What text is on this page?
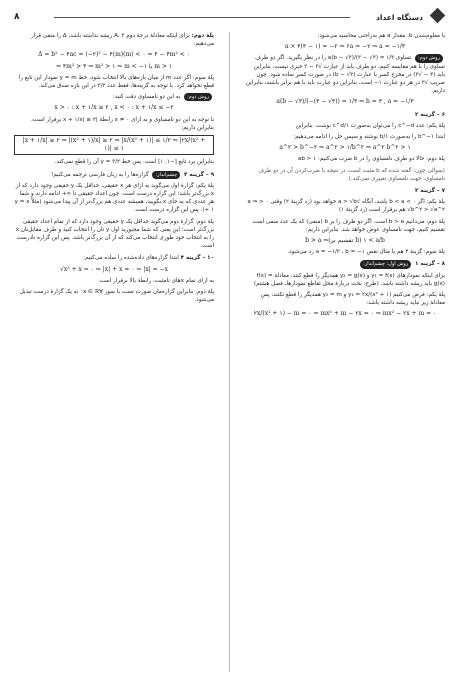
۸	دستگاه اعداد

با معلوم‌شدن b، مقدار a هم به‌راحتی محاسبه می‌شود:

a × ۳(۳ − ۱) = −۲ ⇒ ۶a = −۲ ⇒ a = −۱/۳

روش دوم: تساوی a(b − √۳)/(۳ − √۳) = ۱/۳ را در نظر بگیرید. اگر دو طرف تساوی را با هم مقایسه کنیم، دو طرف باید از عبارت √۳ − ۳ خبری نیست، بنابراین باید (۳ − √۳) در مخرج کسر با عبارت (b − √۳) در صورت کسر ساده شود. چون ضریب √۳ در هر دو عبارت ۱− است، بنابراین دو عبارت باید با هم برابر باشند، بنابراین داریم:

a(b − √۳)/(−(۳ − √۳)) = ۱/۳ ⇒ b = ۳ , a = −۱/۳

۶ – گزینه ۲

پلهٔ یکم: عدد c^−d را می‌توان به‌صورت ۱/c^d نوشت. بنابراین

ابتدا b^−۱ را به‌صورت ۱/b نوشته و سپس حل را ادامه می‌دهیم:

a^۲ > b^−۲ ⇒ a^۲ > ۱/b^۲ ⇒ a^۲ b^۲ > ۱

پلهٔ دوم: حالا دو طرف نامساوی را در b ضرب می‌کنیم: ab > ۱

(سوالی چون: گفته شده که b مثبت است، در نتیجه با ضرب‌کردن آن در دو طرف نامساوی، جهت نامساوی تغییری نمی‌کند.)

۷ – گزینه ۳

پلهٔ یکم: اگر b < a < ۰ باشد، آنگاه √a > √b خواهد بود (رد گزینهٔ ۲) وقتی ۰ < a ⇒ √b^۲ > √a^۲ هم برقرار است (رد گزینهٔ ۱)

پلهٔ دوم: می‌دانیم b > a است. اگر دو طرف را بر b (منفی) که یک عدد منفی است تقسیم کنیم، جهت نامساوی عوض خواهد شد. بنابراین داریم:

b > a ⇒(تقسیم بر b) ۱ < a/b

پلهٔ سوم: گزینهٔ ۴ هم با مثال نقض a = −۱/۲ ، b = −۱ رد می‌شود.

۸ – گزینه ۱ روش اول: چشم‌انداز:

برای اینکه نمودارهای y₁ = f(x) و y₂ = g(x) همدیگر را قطع کنند، معادلهٔ f(x) = g(x) باید ریشه داشته باشد. (طرح: بحث دربارهٔ محل تقاطع نمودارها، فصل هشتم)

پلهٔ یکم: فرض می‌کنیم y₁ = ۲x/(x² + ۱) و y₂ = m همدیگر را قطع نکنند، پس معادلهٔ زیر نباید ریشه داشته باشد:

۲x/(x² + ۱) − m = ۰ ⇒ mx² + m − ۲x = ۰ ⇒ mx² − ۲x + m = ۰

پلهٔ دوم: برای اینکه معادلهٔ درجهٔ دوم A، ۲ ریشه نداشته باشد، Δ را منفی قرار می‌دهیم:

Δ = b² − ۴ac = (−۲)² − ۴(m)(m) < ۰ ⇒ ۴ − ۴m² < ۰
⇒ ۴m² > ۴ ⇒ m² > ۱ ⇒ m < −۱ یا m > ۱

پلهٔ سوم: اگر عدد m از میان بازه‌های بالا انتخاب شود، خط y = m نمودار این تابع را قطع نخواهد کرد. با توجه به گزینه‌ها، فقط عدد ۳/۲ در این بازه صدق می‌کند.

روش دوم: به این دو نامساوی دقت کنید:

x > ۰ : x + ۱/x ≥ ۲ , x < ۰ : x + ۱/x ≤ −۲

با توجه به این دو نامساوی و به ازای x ≠ ۰ رابطهٔ |x + ۱/x| ≥ ۲ برقرار است، بنابراین داریم:

|x + ۱/x| ≥ ۲ ⇒ |(x² + ۱)/x| ≥ ۲ ⇒ |x/(x² + ۱)| ≤ ۱/۲ ⇒ |۲x/(x² + ۱)| ≤ ۱

بنابراین برد تابع [−۱, ۱] است. پس خط y = ۳/۲ آن را قطع نمی‌کند.

۹ – گزینه ۴ چشم‌انداز: گزاره‌ها را به زبان فارسی ترجمه می‌کنیم!

پلهٔ یکم: گزارهٔ اول می‌گوید به ازای هر x حقیقی، حداقل یک y حقیقی وجود دارد که از x بزرگ‌تر باشد؛ این گزاره درست است. چون اعداد حقیقی تا ∞+ ادامه دارند و شما هر عددی که به جای x بگویید، همیشه عددی هم بزرگ‌تر از آن پیدا می‌شود (مثلاً y = x + ۱). پس این گزاره درست است.

پلهٔ دوم: گزارهٔ دوم می‌گوید حداقل یک y حقیقی وجود دارد که از تمام اعداد حقیقی بزرگ‌تر است؛ این یعنی که شما مجبورید اول y تان را انتخاب کنید و طرف مقابل‌تان x را به انتخاب خود طوری انتخاب می‌کند که از آن بزرگ‌تر باشد. پس این گزاره نادرست است.

۱۰ – گزینه ۴ ابتدا گزاره‌های داده‌شده را ساده می‌کنیم:

√x² + x = ۰ ⇒ |x| + x = ۰ ⇒ |x| = −x

به ازای تمام xهای نامثبت، رابطهٔ بالا برقرار است.

پلهٔ دوم: بنابراین گزاره‌مان صورت تست با سور ∀x ∈ ℝ⁻ به یک گزارهٔ درست تبدیل می‌شود.
